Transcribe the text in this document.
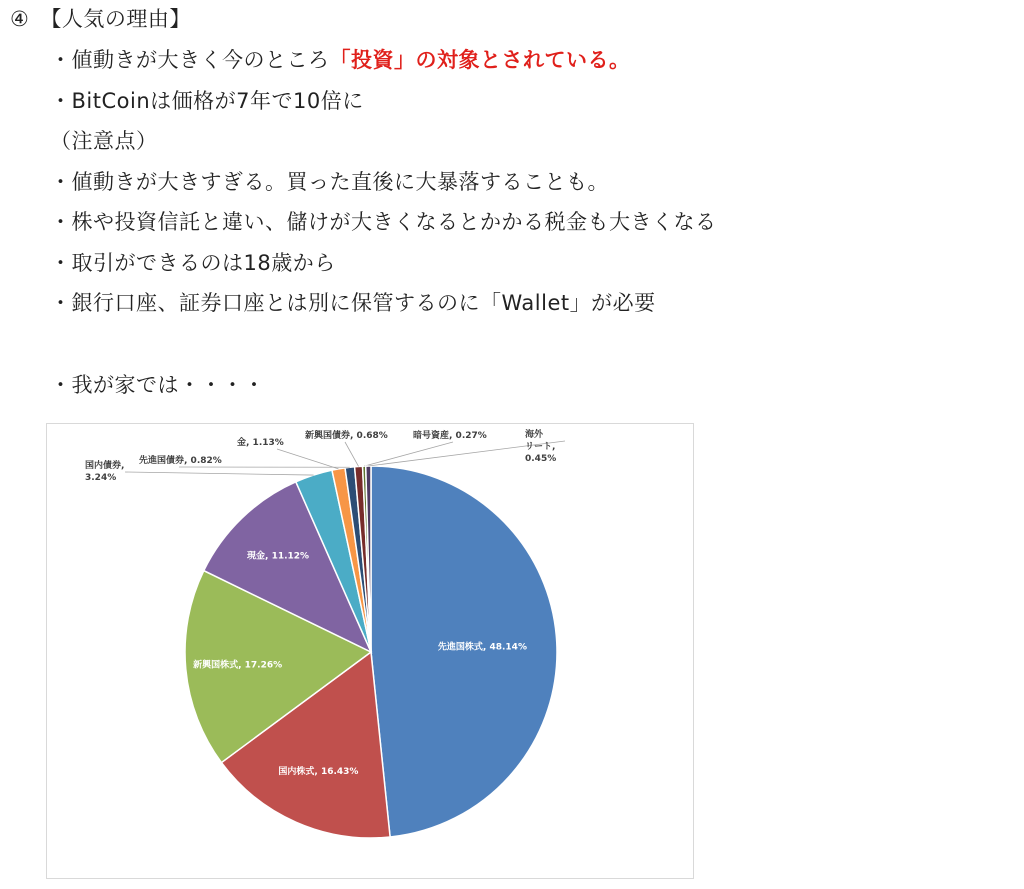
④　【人気の理由】
・値動きが大きく今のところ「投資」の対象とされている。
・BitCoinは価格が7年で10倍に
（注意点）
・値動きが大きすぎる。買った直後に大暴落することも。
・株や投資信託と違い、儲けが大きくなるとかかる税金も大きくなる
・取引ができるのは18歳から
・銀行口座、証券口座とは別に保管するのに「Wallet」が必要
・我が家では・・・・
先進国株式, 48.14%
国内株式, 16.43%
新興国株式, 17.26%
現金, 11.12%
国内債券, 3.24%
金, 1.13%
先進国債券, 0.82%
新興国債券, 0.68%	暗号資産, 0.27%	海外リート, 0.45%
